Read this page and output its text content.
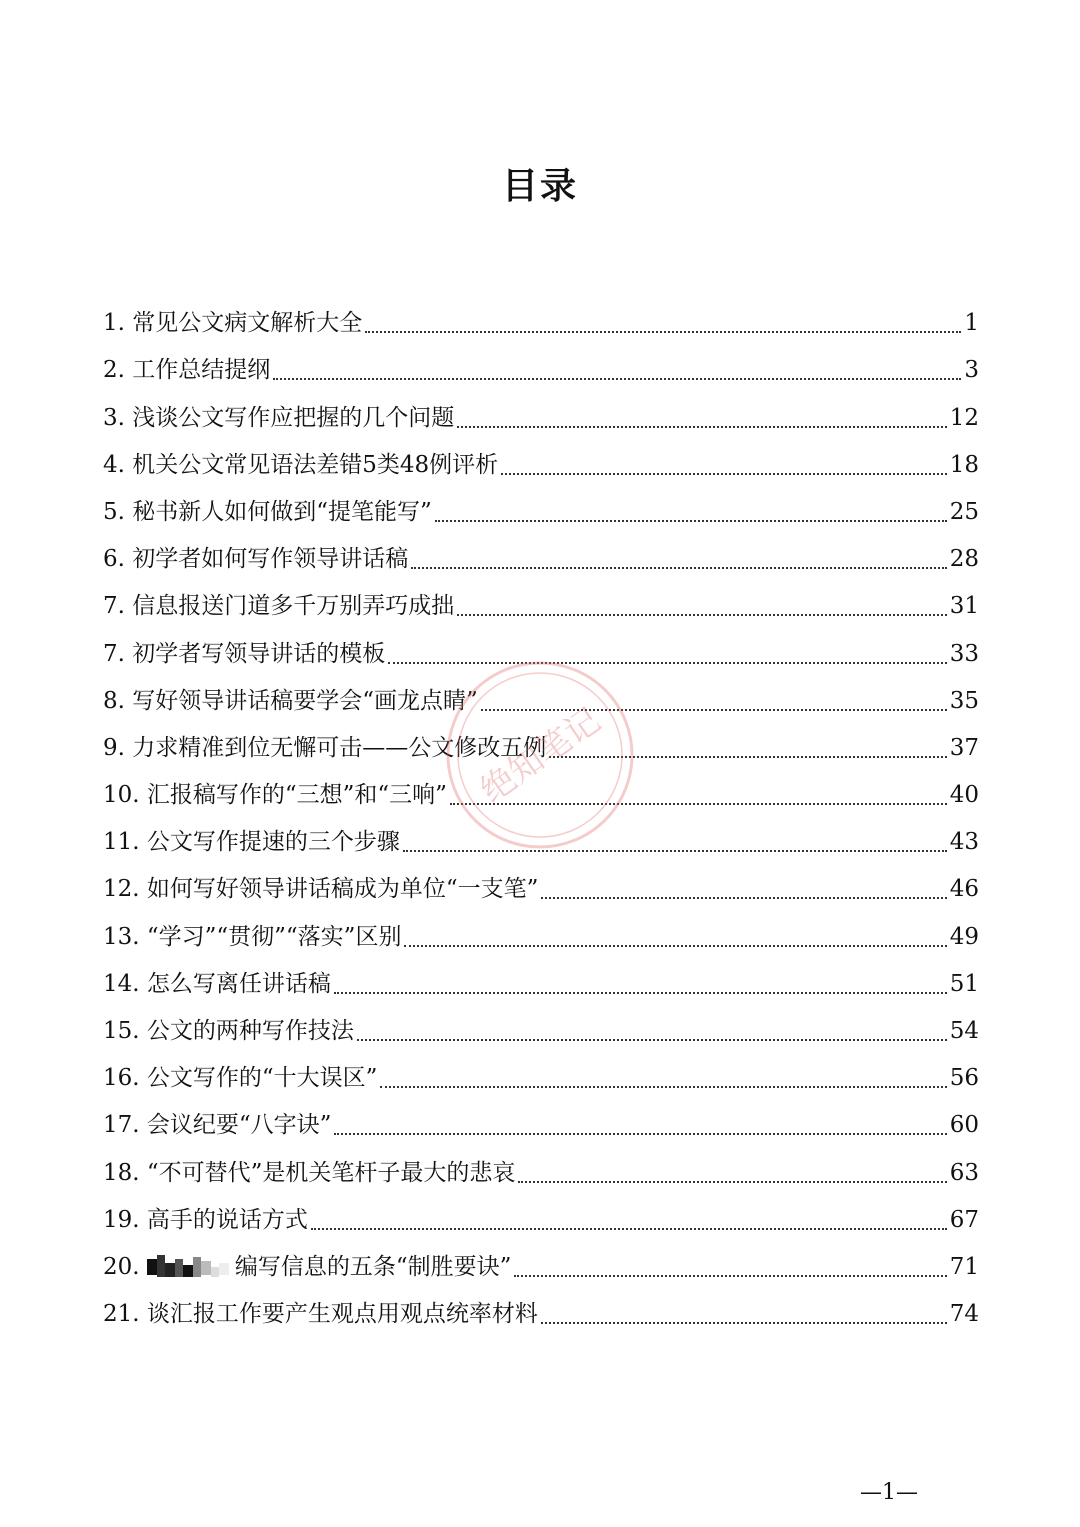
目录
1. 常见公文病文解析大全	1
2. 工作总结提纲	3
3. 浅谈公文写作应把握的几个问题	12
4. 机关公文常见语法差错5类48例评析	18
5. 秘书新人如何做到“提笔能写”	25
6. 初学者如何写作领导讲话稿	28
7. 信息报送门道多千万别弄巧成拙	31
7. 初学者写领导讲话的模板	33
8. 写好领导讲话稿要学会“画龙点睛”	35
9. 力求精准到位无懈可击——公文修改五例	37
10. 汇报稿写作的“三想”和“三响”	40
11. 公文写作提速的三个步骤	43
12. 如何写好领导讲话稿成为单位“一支笔”	46
13. “学习”“贯彻”“落实”区别	49
14. 怎么写离任讲话稿	51
15. 公文的两种写作技法	54
16. 公文写作的“十大误区”	56
17. 会议纪要“八字诀”	60
18. “不可替代”是机关笔杆子最大的悲哀	63
19. 高手的说话方式	67
20.	编写信息的五条“制胜要诀”	71
21. 谈汇报工作要产生观点用观点统率材料	74
绝知笔记
—1—
